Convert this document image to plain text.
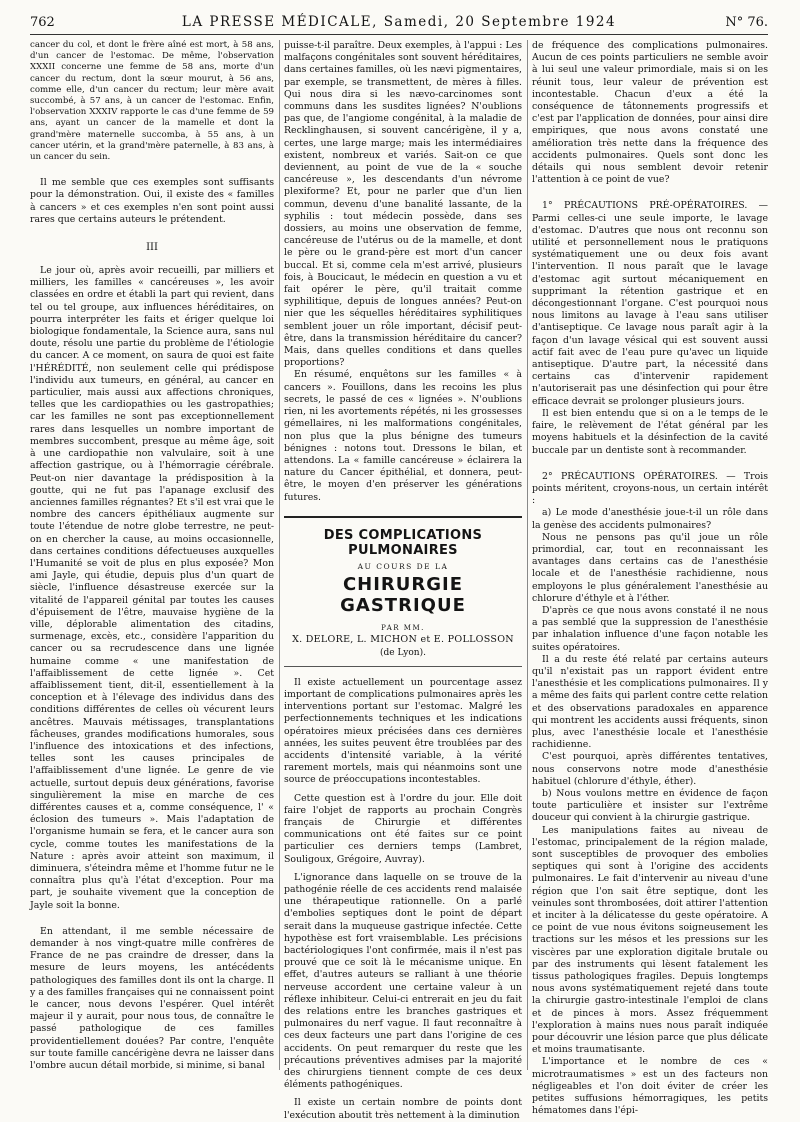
762	LA PRESSE MÉDICALE, Samedi, 20 Septembre 1924	N° 76.

cancer du col, et dont le frère aîné est mort, à 58 ans, d'un cancer de l'estomac. De même, l'observation XXXII concerne une femme de 58 ans, morte d'un cancer du rectum, dont la sœur mourut, à 56 ans, comme elle, d'un cancer du rectum; leur mère avait succombé, à 57 ans, à un cancer de l'estomac. Enfin, l'observation XXXIV rapporte le cas d'une femme de 59 ans, ayant un cancer de la mamelle et dont la grand'mère maternelle succomba, à 55 ans, à un cancer utérin, et la grand'mère paternelle, à 83 ans, à un cancer du sein.

Il me semble que ces exemples sont suffisants pour la démonstration. Oui, il existe des « familles à cancers » et ces exemples n'en sont point aussi rares que certains auteurs le prétendent.

III

Le jour où, après avoir recueilli, par milliers et milliers, les familles « cancéreuses », les avoir classées en ordre et établi la part qui revient, dans tel ou tel groupe, aux influences héréditaires, on pourra interpréter les faits et ériger quelque loi biologique fondamentale, la Science aura, sans nul doute, résolu une partie du problème de l'étiologie du cancer. A ce moment, on saura de quoi est faite l'HÉRÉDITÉ, non seulement celle qui prédispose l'individu aux tumeurs, en général, au cancer en particulier, mais aussi aux affections chroniques, telles que les cardiopathies ou les gastropathies; car les familles ne sont pas exceptionnellement rares dans lesquelles un nombre important de membres succombent, presque au même âge, soit à une cardiopathie non valvulaire, soit à une affection gastrique, ou à l'hémorragie cérébrale. Peut-on nier davantage la prédisposition à la goutte, qui ne fut pas l'apanage exclusif des anciennes familles régnantes? Et s'il est vrai que le nombre des cancers épithéliaux augmente sur toute l'étendue de notre globe terrestre, ne peut-on en chercher la cause, au moins occasionnelle, dans certaines conditions défectueuses auxquelles l'Humanité se voit de plus en plus exposée? Mon ami Jayle, qui étudie, depuis plus d'un quart de siècle, l'influence désastreuse exercée sur la vitalité de l'appareil génital par toutes les causes d'épuisement de l'être, mauvaise hygiène de la ville, déplorable alimentation des citadins, surmenage, excès, etc., considère l'apparition du cancer ou sa recrudescence dans une lignée humaine comme « une manifestation de l'affaiblissement de cette lignée ». Cet affaiblissement tient, dit-il, essentiellement à la conception et à l'élevage des individus dans des conditions différentes de celles où vécurent leurs ancêtres. Mauvais métissages, transplantations fâcheuses, grandes modifications humorales, sous l'influence des intoxications et des infections, telles sont les causes principales de l'affaiblissement d'une lignée. Le genre de vie actuelle, surtout depuis deux générations, favorise singulièrement la mise en marche de ces différentes causes et a, comme conséquence, l' « éclosion des tumeurs ». Mais l'adaptation de l'organisme humain se fera, et le cancer aura son cycle, comme toutes les manifestations de la Nature : après avoir atteint son maximum, il diminuera, s'éteindra même et l'homme futur ne le connaîtra plus qu'à l'état d'exception. Pour ma part, je souhaite vivement que la conception de Jayle soit la bonne.

En attendant, il me semble nécessaire de demander à nos vingt-quatre mille confrères de France de ne pas craindre de dresser, dans la mesure de leurs moyens, les antécédents pathologiques des familles dont ils ont la charge. Il y a des familles françaises qui ne connaissent point le cancer, nous devons l'espérer. Quel intérêt majeur il y aurait, pour nous tous, de connaître le passé pathologique de ces familles providentiellement douées? Par contre, l'enquête sur toute famille cancérigène devra ne laisser dans l'ombre aucun détail morbide, si minime, si banal

puisse-t-il paraître. Deux exemples, à l'appui : Les malfaçons congénitales sont souvent héréditaires, dans certaines familles, où les nævi pigmentaires, par exemple, se transmettent, de mères à filles. Qui nous dira si les nævo-carcinomes sont communs dans les susdites lignées? N'oublions pas que, de l'angiome congénital, à la maladie de Recklinghausen, si souvent cancérigène, il y a, certes, une large marge; mais les intermédiaires existent, nombreux et variés. Sait-on ce que deviennent, au point de vue de la « souche cancéreuse », les descendants d'un névrome plexiforme? Et, pour ne parler que d'un lien commun, devenu d'une banalité lassante, de la syphilis : tout médecin possède, dans ses dossiers, au moins une observation de femme, cancéreuse de l'utérus ou de la mamelle, et dont le père ou le grand-père est mort d'un cancer buccal. Et si, comme cela m'est arrivé, plusieurs fois, à Boucicaut, le médecin en question a vu et fait opérer le père, qu'il traitait comme syphilitique, depuis de longues années? Peut-on nier que les séquelles héréditaires syphilitiques semblent jouer un rôle important, décisif peut-être, dans la transmission héréditaire du cancer? Mais, dans quelles conditions et dans quelles proportions?

En résumé, enquêtons sur les familles « à cancers ». Fouillons, dans les recoins les plus secrets, le passé de ces « lignées ». N'oublions rien, ni les avortements répétés, ni les grossesses gémellaires, ni les malformations congénitales, non plus que la plus bénigne des tumeurs bénignes : notons tout. Dressons le bilan, et attendons. La « famille cancéreuse » éclairera la nature du Cancer épithélial, et donnera, peut-être, le moyen d'en préserver les générations futures.

DES COMPLICATIONS PULMONAIRES
AU COURS DE LA
CHIRURGIE GASTRIQUE
PAR MM.
X. DELORE, L. MICHON et E. POLLOSSON
(de Lyon).

Il existe actuellement un pourcentage assez important de complications pulmonaires après les interventions portant sur l'estomac. Malgré les perfectionnements techniques et les indications opératoires mieux précisées dans ces dernières années, les suites peuvent être troublées par des accidents d'intensité variable, à la vérité rarement mortels, mais qui néanmoins sont une source de préoccupations incontestables.

Cette question est à l'ordre du jour. Elle doit faire l'objet de rapports au prochain Congrès français de Chirurgie et différentes communications ont été faites sur ce point particulier ces derniers temps (Lambret, Souligoux, Grégoire, Auvray).

L'ignorance dans laquelle on se trouve de la pathogénie réelle de ces accidents rend malaisée une thérapeutique rationnelle. On a parlé d'embolies septiques dont le point de départ serait dans la muqueuse gastrique infectée. Cette hypothèse est fort vraisemblable. Les précisions bactériologiques l'ont confirmée, mais il n'est pas prouvé que ce soit là le mécanisme unique. En effet, d'autres auteurs se ralliant à une théorie nerveuse accordent une certaine valeur à un réflexe inhibiteur. Celui-ci entrerait en jeu du fait des relations entre les branches gastriques et pulmonaires du nerf vague. Il faut reconnaître à ces deux facteurs une part dans l'origine de ces accidents. On peut remarquer du reste que les précautions préventives admises par la majorité des chirurgiens tiennent compte de ces deux éléments pathogéniques.

Il existe un certain nombre de points dont l'exécution aboutit très nettement à la diminution

de fréquence des complications pulmonaires. Aucun de ces points particuliers ne semble avoir à lui seul une valeur primordiale, mais si on les réunit tous, leur valeur de prévention est incontestable. Chacun d'eux a été la conséquence de tâtonnements progressifs et c'est par l'application de données, pour ainsi dire empiriques, que nous avons constaté une amélioration très nette dans la fréquence des accidents pulmonaires. Quels sont donc les détails qui nous semblent devoir retenir l'attention à ce point de vue?

1° PRÉCAUTIONS PRÉ-OPÉRATOIRES. — Parmi celles-ci une seule importe, le lavage d'estomac. D'autres que nous ont reconnu son utilité et personnellement nous le pratiquons systématiquement une ou deux fois avant l'intervention. Il nous paraît que le lavage d'estomac agit surtout mécaniquement en supprimant la rétention gastrique et en décongestionnant l'organe. C'est pourquoi nous nous limitons au lavage à l'eau sans utiliser d'antiseptique. Ce lavage nous paraît agir à la façon d'un lavage vésical qui est souvent aussi actif fait avec de l'eau pure qu'avec un liquide antiseptique. D'autre part, la nécessité dans certains cas d'intervenir rapidement n'autoriserait pas une désinfection qui pour être efficace devrait se prolonger plusieurs jours.

Il est bien entendu que si on a le temps de le faire, le relèvement de l'état général par les moyens habituels et la désinfection de la cavité buccale par un dentiste sont à recommander.

2° PRÉCAUTIONS OPÉRATOIRES. — Trois points méritent, croyons-nous, un certain intérêt :

a) Le mode d'anesthésie joue-t-il un rôle dans la genèse des accidents pulmonaires?

Nous ne pensons pas qu'il joue un rôle primordial, car, tout en reconnaissant les avantages dans certains cas de l'anesthésie locale et de l'anesthésie rachidienne, nous employons le plus généralement l'anesthésie au chlorure d'éthyle et à l'éther.

D'après ce que nous avons constaté il ne nous a pas semblé que la suppression de l'anesthésie par inhalation influence d'une façon notable les suites opératoires.

Il a du reste été relaté par certains auteurs qu'il n'existait pas un rapport évident entre l'anesthésie et les complications pulmonaires. Il y a même des faits qui parlent contre cette relation et des observations paradoxales en apparence qui montrent les accidents aussi fréquents, sinon plus, avec l'anesthésie locale et l'anesthésie rachidienne.

C'est pourquoi, après différentes tentatives, nous conservons notre mode d'anesthésie habituel (chlorure d'éthyle, éther).

b) Nous voulons mettre en évidence de façon toute particulière et insister sur l'extrême douceur qui convient à la chirurgie gastrique.

Les manipulations faites au niveau de l'estomac, principalement de la région malade, sont susceptibles de provoquer des embolies septiques qui sont à l'origine des accidents pulmonaires. Le fait d'intervenir au niveau d'une région que l'on sait être septique, dont les veinules sont thrombosées, doit attirer l'attention et inciter à la délicatesse du geste opératoire. A ce point de vue nous évitons soigneusement les tractions sur les mésos et les pressions sur les viscères par une exploration digitale brutale ou par des instruments qui lèsent fatalement les tissus pathologiques fragiles. Depuis longtemps nous avons systématiquement rejeté dans toute la chirurgie gastro-intestinale l'emploi de clans et de pinces à mors. Assez fréquemment l'exploration à mains nues nous paraît indiquée pour découvrir une lésion parce que plus délicate et moins traumatisante.

L'importance et le nombre de ces « microtraumatismes » est un des facteurs non négligeables et l'on doit éviter de créer les petites suffusions hémorragiques, les petits hématomes dans l'épi-
